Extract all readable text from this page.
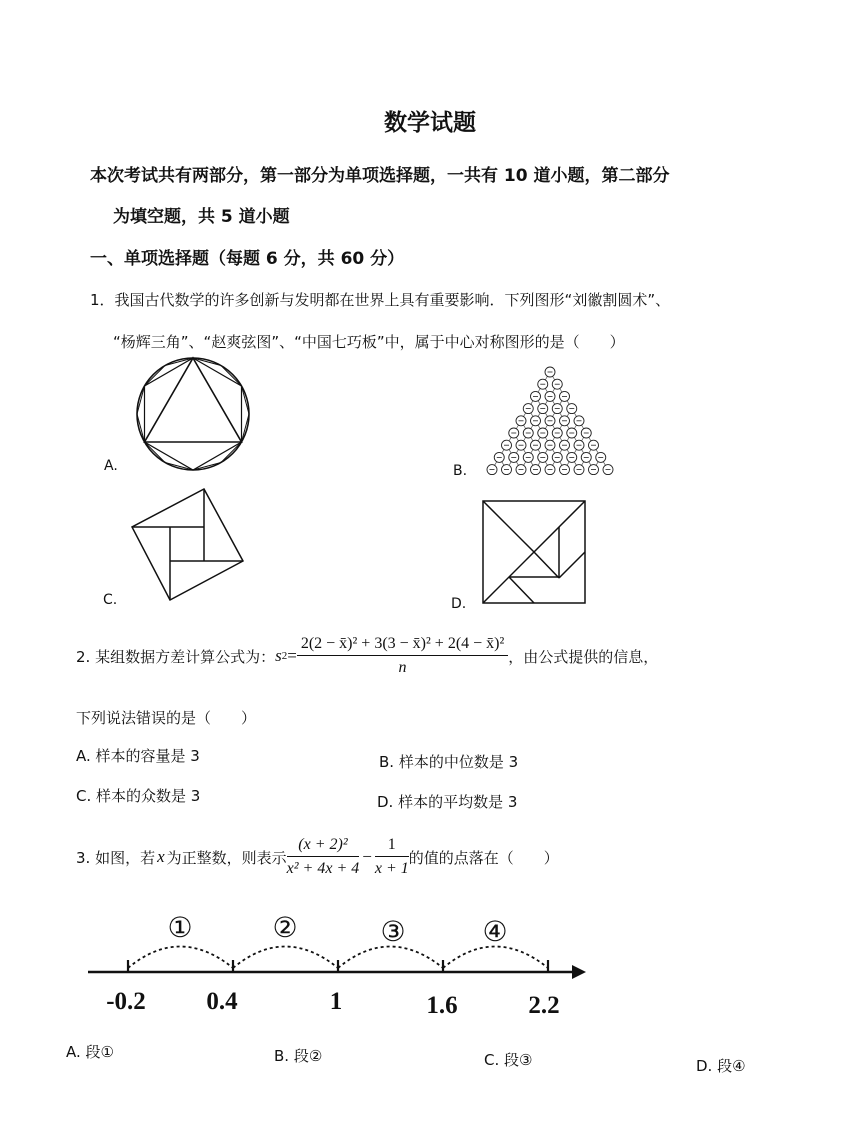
数学试题
本次考试共有两部分，第一部分为单项选择题，一共有 10 道小题，第二部分
为填空题，共 5 道小题
一、单项选择题（每题 6 分，共 60 分）
1．我国古代数学的许多创新与发明都在世界上具有重要影响．下列图形“刘徽割圆术”、
“杨辉三角”、“赵爽弦图”、“中国七巧板”中，属于中心对称图形的是（　　）
A.	B.
C.	D.
2. 某组数据方差计算公式为： s $2 = \frac{\text{2(2 − x̄)² + 3(3 − x̄)² + 2(4 − x̄)²}}{n}$ ，由公式提供的信息，
下列说法错误的是（　　）
A. 样本的容量是 3	B. 样本的中位数是 3
C. 样本的众数是 3	D. 样本的平均数是 3
3. 如图，若 x 为正整数，则表示 $\frac{\text{(x + 2)²}}{\text{x² + 4x + 4}} - \frac{1}{x + 1}$ 的值的点落在（　　）
①	②	③	④
-0.2 0.4	1	1.6	2.2
A. 段①	B. 段②	C. 段③	D. 段④
